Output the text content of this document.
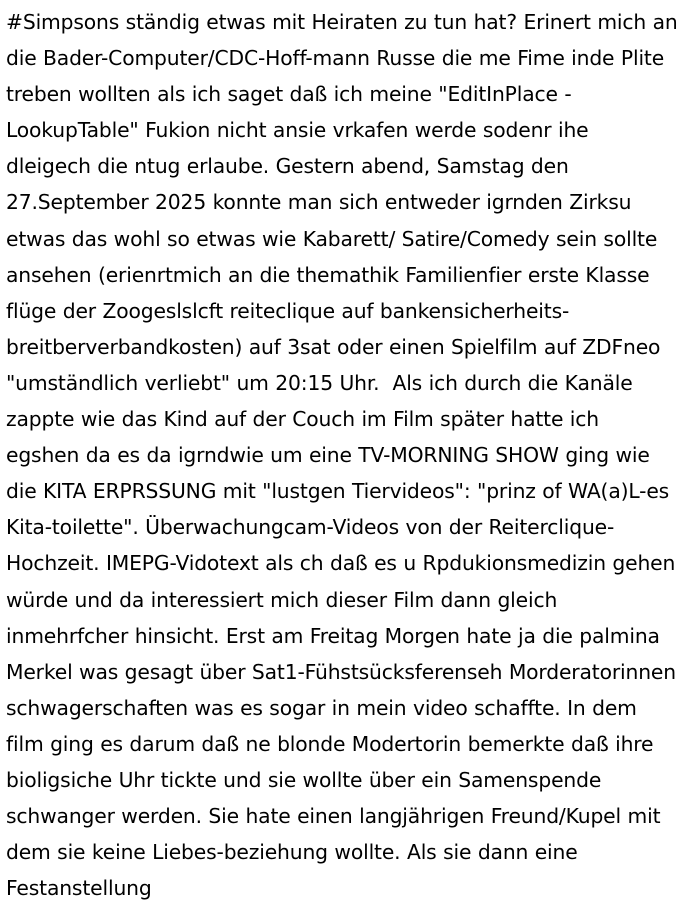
#Simpsons ständig etwas mit Heiraten zu tun hat? Erinert mich an die Bader-Computer/CDC-Hoff-mann Russe die me Fime inde Plite treben wollten als ich saget daß ich meine "EditInPlace - LookupTable" Fukion nicht ansie vrkafen werde sodenr ihe dleigech die ntug erlaube. Gestern abend, Samstag den 27.September 2025 konnte man sich entweder igrnden Zirksu etwas das wohl so etwas wie Kabarett/ Satire/Comedy sein sollte ansehen (erienrtmich an die themathik Familienfier erste Klasse flüge der Zoogeslslcft reiteclique auf bankensicherheits-breitberverbandkosten) auf 3sat oder einen Spielfilm auf ZDFneo "umständlich verliebt" um 20:15 Uhr.  Als ich durch die Kanäle zappte wie das Kind auf der Couch im Film später hatte ich egshen da es da igrndwie um eine TV-MORNING SHOW ging wie die KITA ERPRSSUNG mit "lustgen Tiervideos": "prinz of WA(a)L-es Kita-toilette". Überwachungcam-Videos von der Reiterclique-Hochzeit. IMEPG-Vidotext als ch daß es u Rpdukionsmedizin gehen würde und da interessiert mich dieser Film dann gleich inmehrfcher hinsicht. Erst am Freitag Morgen hate ja die palmina Merkel was gesagt über Sat1-Fühstsücksferenseh Morderatorinnen schwagerschaften was es sogar in mein video schaffte. In dem film ging es darum daß ne blonde Modertorin bemerkte daß ihre bioligsiche Uhr tickte und sie wollte über ein Samenspende schwanger werden. Sie hate einen langjährigen Freund/Kupel mit dem sie keine Liebes-beziehung wollte. Als sie dann eine Festanstellung
